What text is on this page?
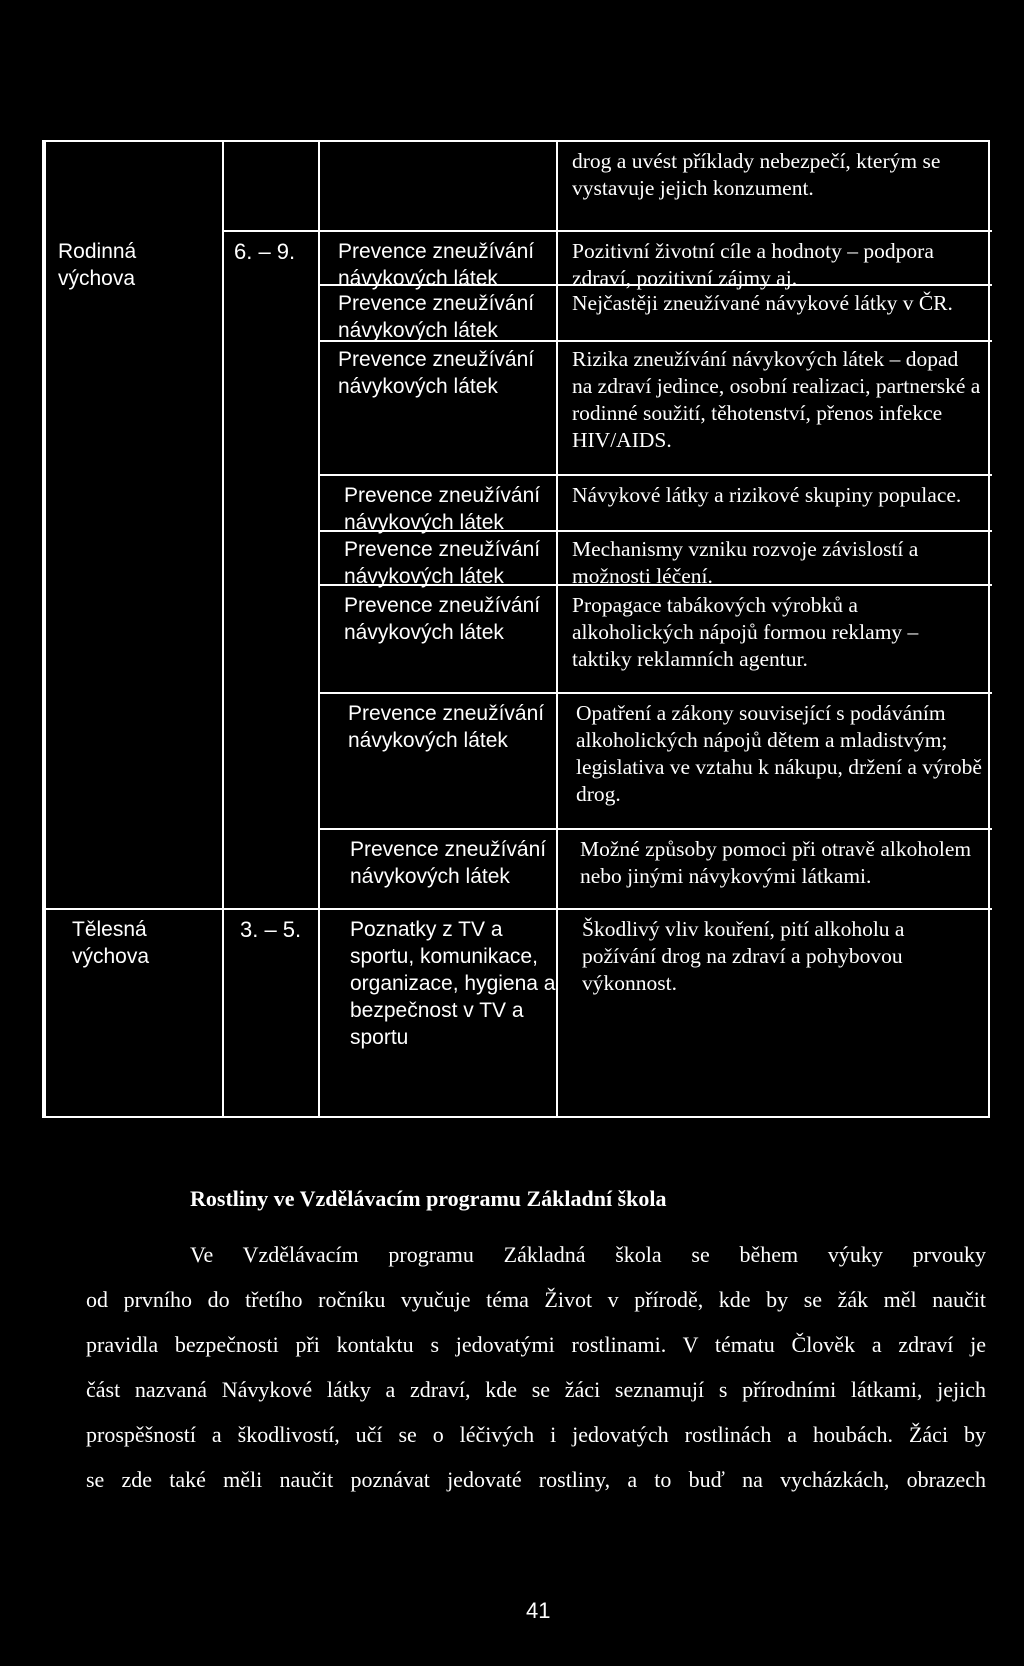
drog a uvést příklady nebezpečí, kterým se vystavuje jejich konzument.
Rodinná výchova
6. – 9.	Prevence zneužívání návykových látek
Pozitivní životní cíle a hodnoty – podpora zdraví, pozitivní zájmy aj.
Prevence zneužívání návykových látek
Nejčastěji zneužívané návykové látky v ČR.
Prevence zneužívání návykových látek
Rizika zneužívání návykových látek – dopad na zdraví jedince, osobní realizaci, partnerské a rodinné soužití, těhotenství, přenos infekce HIV/AIDS.
Prevence zneužívání návykových látek
Návykové látky a rizikové skupiny populace.
Prevence zneužívání návykových látek
Mechanismy vzniku rozvoje závislostí a možnosti léčení.
Prevence zneužívání návykových látek
Propagace tabákových výrobků a alkoholických nápojů formou reklamy – taktiky reklamních agentur.
Prevence zneužívání návykových látek
Opatření a zákony související s podáváním alkoholických nápojů dětem a mladistvým; legislativa ve vztahu k nákupu, držení a výrobě drog.
Prevence zneužívání návykových látek
Možné způsoby pomoci při otravě alkoholem nebo jinými návykovými látkami.
Tělesná výchova
3. – 5.	Poznatky z TV a sportu, komunikace, organizace, hygiena a bezpečnost v TV a sportu
Škodlivý vliv kouření, pití alkoholu a požívání drog na zdraví a pohybovou výkonnost.
Rostliny ve Vzdělávacím programu Základní škola
Ve Vzdělávacím programu Základná škola se během výuky prvouky
od prvního do třetího ročníku vyučuje téma Život v přírodě, kde by se žák měl naučit
pravidla bezpečnosti při kontaktu s jedovatými rostlinami. V tématu Člověk a zdraví je
část nazvaná Návykové látky a zdraví, kde se žáci seznamují s přírodními látkami, jejich
prospěšností a škodlivostí, učí se o léčivých i jedovatých rostlinách a houbách. Žáci by
se zde také měli naučit poznávat jedovaté rostliny, a to buď na vycházkách, obrazech
41
